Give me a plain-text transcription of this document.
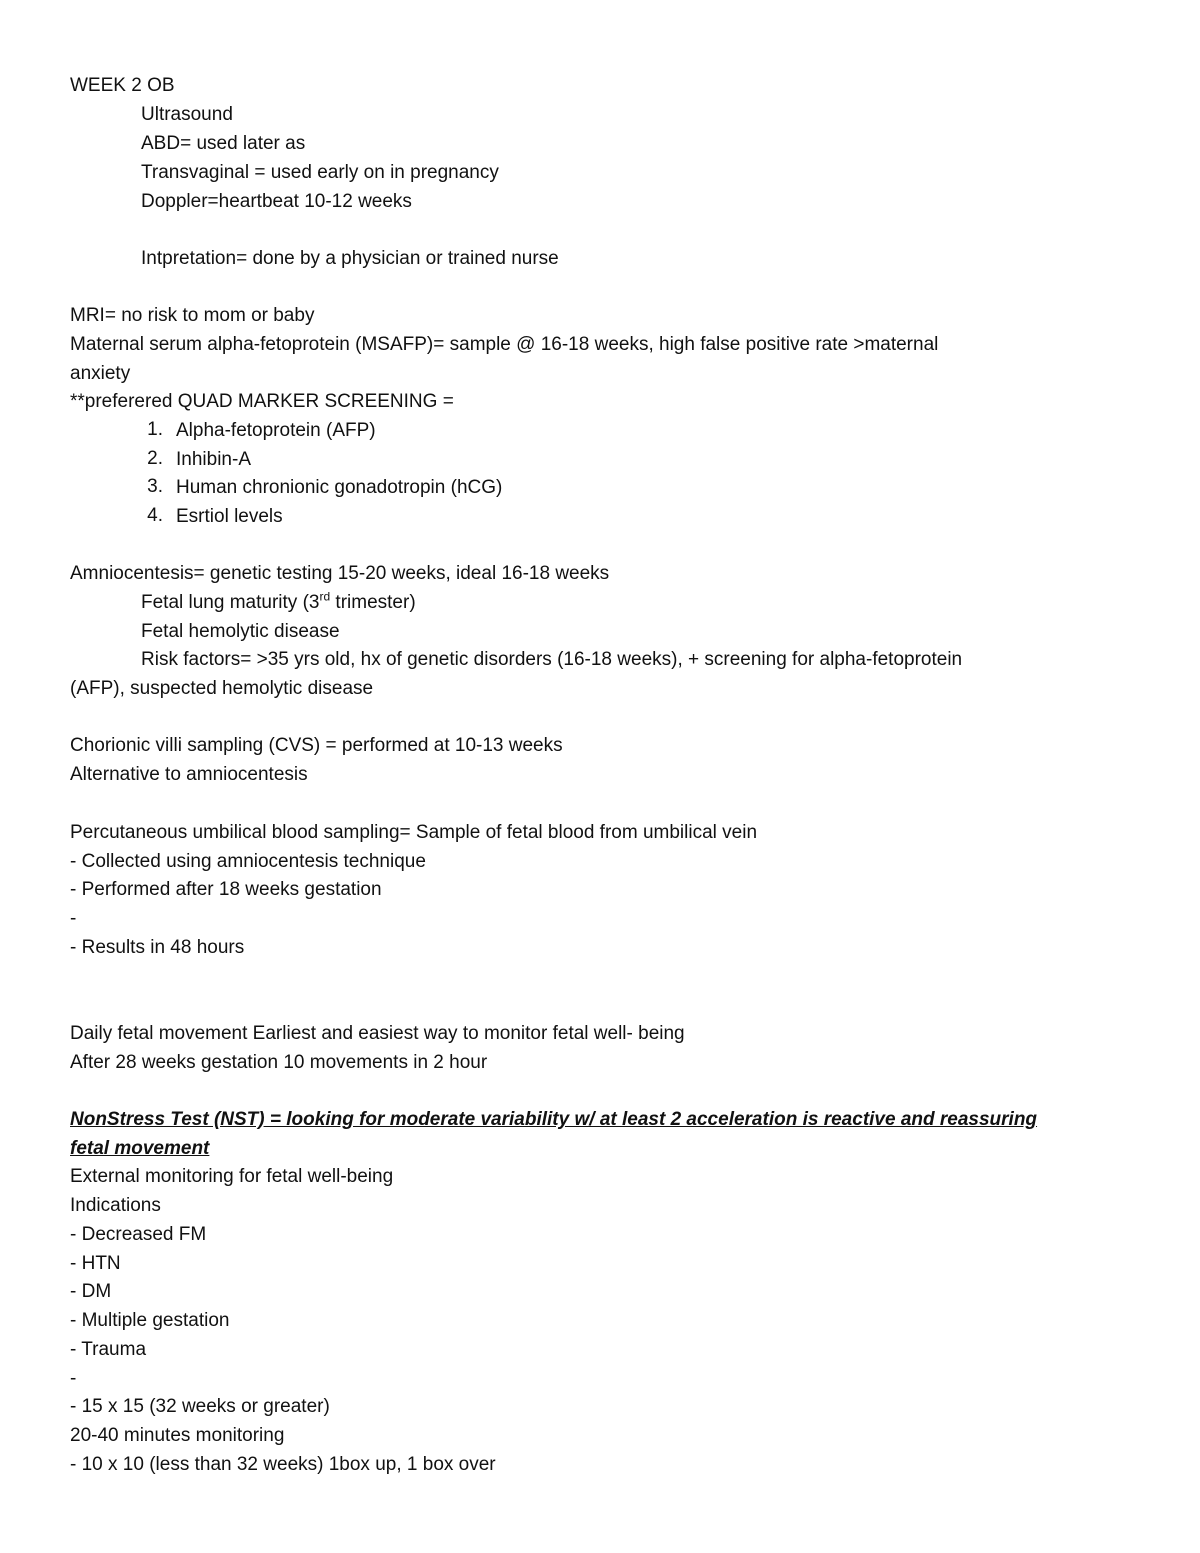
WEEK 2 OB
Ultrasound
ABD= used later as
Transvaginal = used early on in pregnancy
Doppler=heartbeat 10-12 weeks
Intpretation= done by a physician or trained nurse
MRI= no risk to mom or baby
Maternal serum alpha-fetoprotein (MSAFP)= sample @ 16-18 weeks, high false positive rate >maternal
anxiety
**preferered QUAD MARKER SCREENING =
1. Alpha-fetoprotein (AFP)
2. Inhibin-A
3. Human chronionic gonadotropin (hCG)
4. Esrtiol levels
Amniocentesis= genetic testing 15-20 weeks, ideal 16-18 weeks
Fetal lung maturity (3rd trimester)
Fetal hemolytic disease
Risk factors= >35 yrs old, hx of genetic disorders (16-18 weeks), + screening for alpha-fetoprotein
(AFP), suspected hemolytic disease
Chorionic villi sampling (CVS) = performed at 10-13 weeks
Alternative to amniocentesis
Percutaneous umbilical blood sampling= Sample of fetal blood from umbilical vein
- Collected using amniocentesis technique
- Performed after 18 weeks gestation
-
- Results in 48 hours
Daily fetal movement Earliest and easiest way to monitor fetal well- being
After 28 weeks gestation 10 movements in 2 hour
NonStress Test (NST) = looking for moderate variability w/ at least 2 acceleration is reactive and reassuring
fetal movement
External monitoring for fetal well-being
Indications
- Decreased FM
- HTN
- DM
- Multiple gestation
- Trauma
-
- 15 x 15 (32 weeks or greater)
20-40 minutes monitoring
- 10 x 10 (less than 32 weeks) 1box up, 1 box over
